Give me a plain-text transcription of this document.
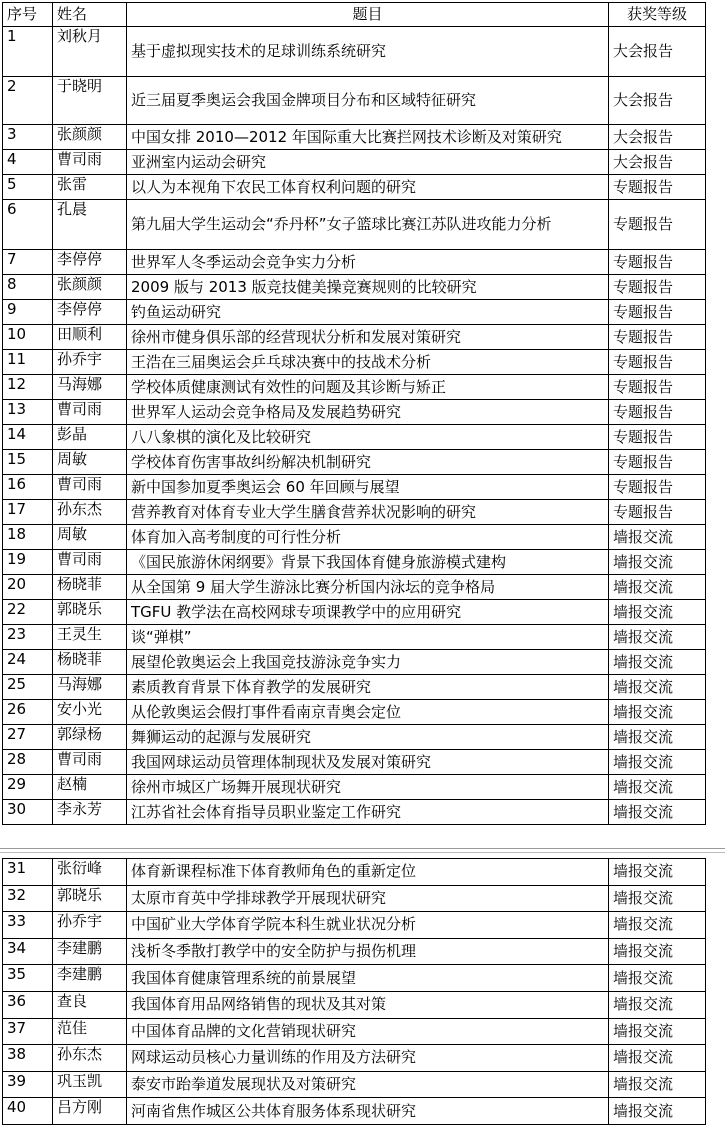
序号	姓名	题目	获奖等级
1	刘秋月	基于虚拟现实技术的足球训练系统研究	大会报告
2	于晓明	近三届夏季奥运会我国金牌项目分布和区域特征研究	大会报告
3	张颜颜	中国女排 2010—2012 年国际重大比赛拦网技术诊断及对策研究	大会报告
4	曹司雨	亚洲室内运动会研究	大会报告
5	张雷	以人为本视角下农民工体育权利问题的研究	专题报告
6	孔晨	第九届大学生运动会“乔丹杯”女子篮球比赛江苏队进攻能力分析	专题报告
7	李停停	世界军人冬季运动会竞争实力分析	专题报告
8	张颜颜	2009 版与 2013 版竞技健美操竞赛规则的比较研究	专题报告
9	李停停	钓鱼运动研究	专题报告
10	田顺利	徐州市健身俱乐部的经营现状分析和发展对策研究	专题报告
11	孙乔宇	王浩在三届奥运会乒乓球决赛中的技战术分析	专题报告
12	马海娜	学校体质健康测试有效性的问题及其诊断与矫正	专题报告
13	曹司雨	世界军人运动会竞争格局及发展趋势研究	专题报告
14	彭晶	八八象棋的演化及比较研究	专题报告
15	周敏	学校体育伤害事故纠纷解决机制研究	专题报告
16	曹司雨	新中国参加夏季奥运会 60 年回顾与展望	专题报告
17	孙东杰	营养教育对体育专业大学生膳食营养状况影响的研究	专题报告
18	周敏	体育加入高考制度的可行性分析	墙报交流
19	曹司雨	《国民旅游休闲纲要》背景下我国体育健身旅游模式建构	墙报交流
20	杨晓菲	从全国第 9 届大学生游泳比赛分析国内泳坛的竞争格局	墙报交流
22	郭晓乐	TGFU 教学法在高校网球专项课教学中的应用研究	墙报交流
23	王灵生	谈“弹棋”	墙报交流
24	杨晓菲	展望伦敦奥运会上我国竞技游泳竞争实力	墙报交流
25	马海娜	素质教育背景下体育教学的发展研究	墙报交流
26	安小光	从伦敦奥运会假打事件看南京青奥会定位	墙报交流
27	郭绿杨	舞狮运动的起源与发展研究	墙报交流
28	曹司雨	我国网球运动员管理体制现状及发展对策研究	墙报交流
29	赵楠	徐州市城区广场舞开展现状研究	墙报交流
30	李永芳	江苏省社会体育指导员职业鉴定工作研究	墙报交流
31	张衍峰	体育新课程标准下体育教师角色的重新定位	墙报交流
32	郭晓乐	太原市育英中学排球教学开展现状研究	墙报交流
33	孙乔宇	中国矿业大学体育学院本科生就业状况分析	墙报交流
34	李建鹏	浅析冬季散打教学中的安全防护与损伤机理	墙报交流
35	李建鹏	我国体育健康管理系统的前景展望	墙报交流
36	查良	我国体育用品网络销售的现状及其对策	墙报交流
37	范佳	中国体育品牌的文化营销现状研究	墙报交流
38	孙东杰	网球运动员核心力量训练的作用及方法研究	墙报交流
39	巩玉凯	泰安市跆拳道发展现状及对策研究	墙报交流
40	吕方刚	河南省焦作城区公共体育服务体系现状研究	墙报交流
